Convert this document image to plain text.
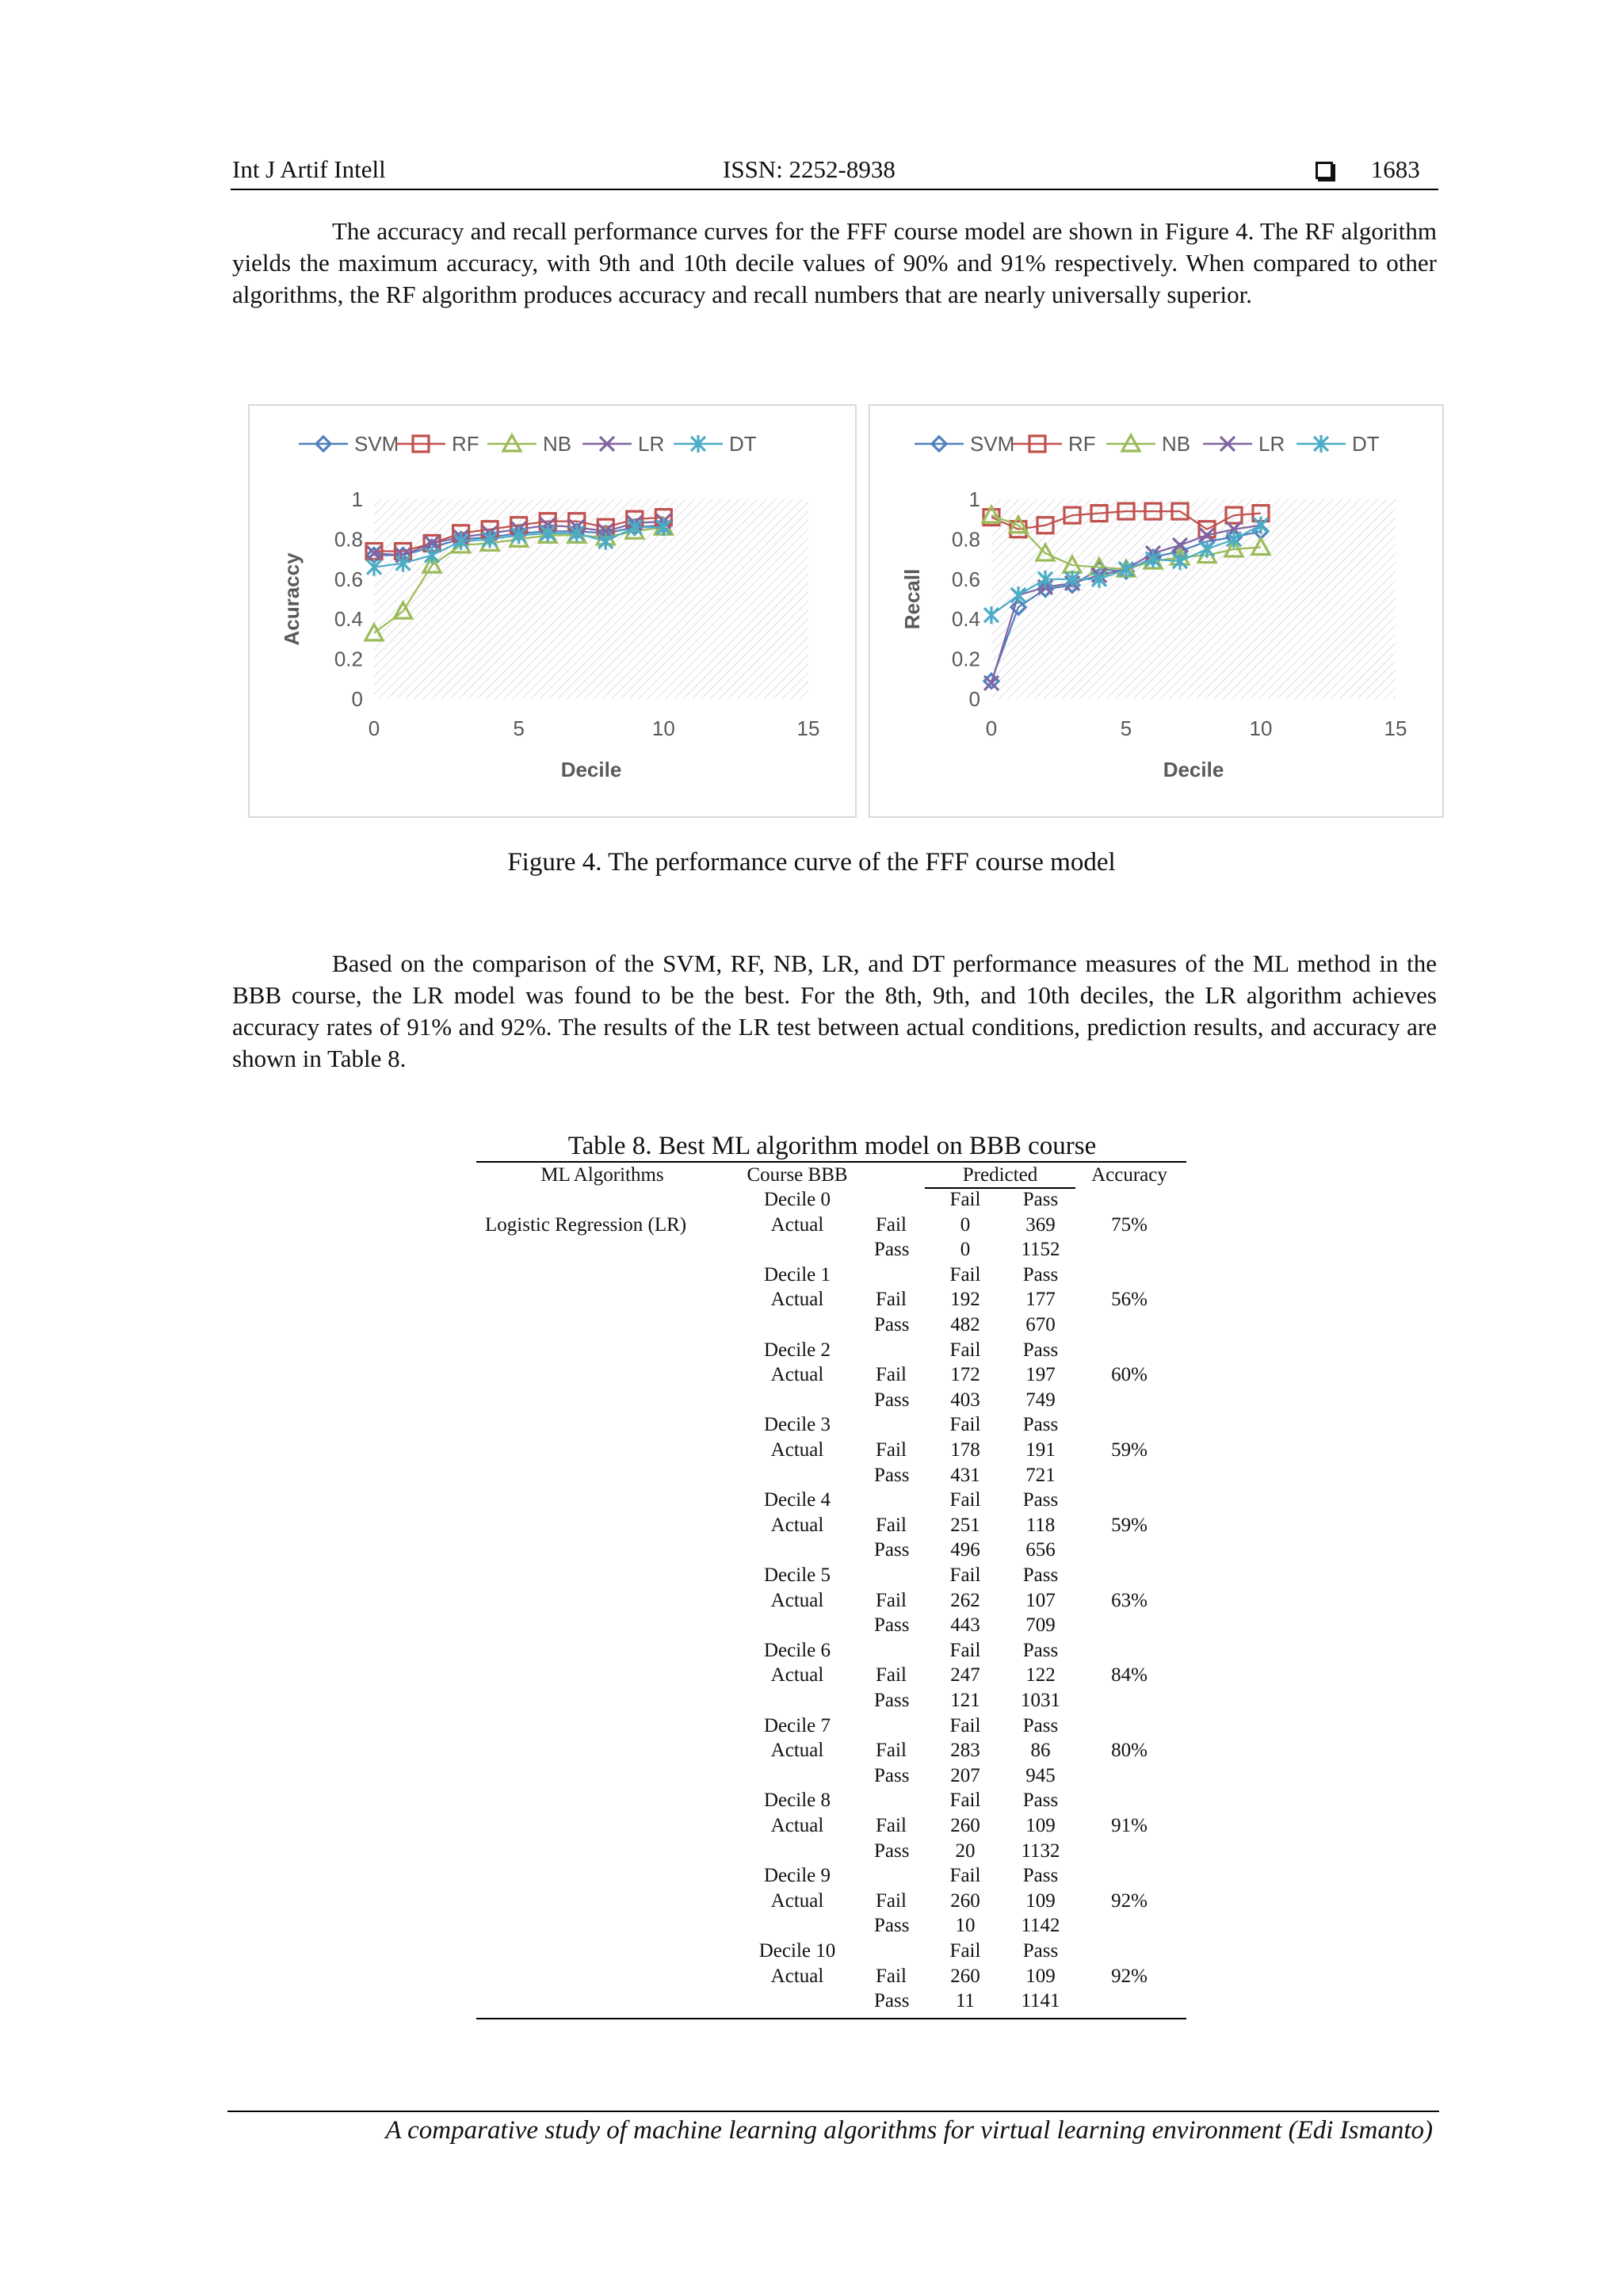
Int J Artif Intell	ISSN: 2252-8938	1683
The accuracy and recall performance curves for the FFF course model are shown in Figure 4. The RF algorithm yields the maximum accuracy, with 9th and 10th decile values of 90% and 91% respectively. When compared to other algorithms, the RF algorithm produces accuracy and recall numbers that are nearly universally superior.
0
0.2
0.4
0.6
0.8
1
0	5	10	15
Decile
Acuraccy
SVM	RF	NB	LR	DT
0
0.2
0.4
0.6
0.8
1
0	5	10	15
Decile
Recall
SVM	RF	NB	LR	DT
Figure 4. The performance curve of the FFF course model
Based on the comparison of the SVM, RF, NB, LR, and DT performance measures of the ML method in the BBB course, the LR model was found to be the best. For the 8th, 9th, and 10th deciles, the LR algorithm achieves accuracy rates of 91% and 92%. The results of the LR test between actual conditions, prediction results, and accuracy are shown in Table 8.
Table 8. Best ML algorithm model on BBB course
ML Algorithms	Course BBB	Predicted	Accuracy
Logistic Regression (LR)
Decile 0	Fail	Pass
Actual	Fail	0	369	75%
Pass	0	1152
Decile 1	Fail	Pass
Actual	Fail	192	177	56%
Pass	482	670
Decile 2	Fail	Pass
Actual	Fail	172	197	60%
Pass	403	749
Decile 3	Fail	Pass
Actual	Fail	178	191	59%
Pass	431	721
Decile 4	Fail	Pass
Actual	Fail	251	118	59%
Pass	496	656
Decile 5	Fail	Pass
Actual	Fail	262	107	63%
Pass	443	709
Decile 6	Fail	Pass
Actual	Fail	247	122	84%
Pass	121	1031
Decile 7	Fail	Pass
Actual	Fail	283	86	80%
Pass	207	945
Decile 8	Fail	Pass
Actual	Fail	260	109	91%
Pass	20	1132
Decile 9	Fail	Pass
Actual	Fail	260	109	92%
Pass	10	1142
Decile 10	Fail	Pass
Actual	Fail	260	109	92%
Pass	11	1141
A comparative study of machine learning algorithms for virtual learning environment (Edi Ismanto)
